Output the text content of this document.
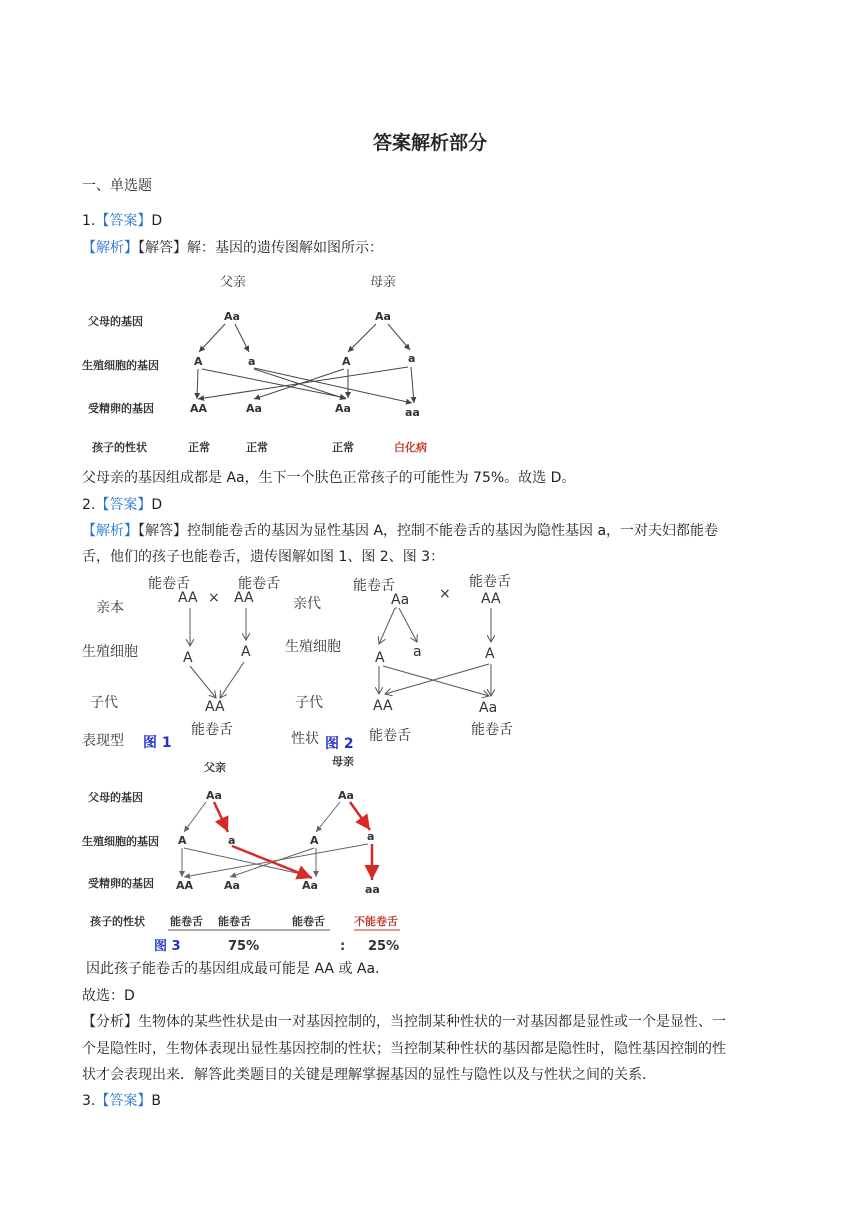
答案解析部分
一、单选题
1.【答案】D
【解析】【解答】解：基因的遗传图解如图所示：
父亲	母亲
父母的基因
生殖细胞的基因
受精卵的基因
孩子的性状
Aa	Aa
A	a	A	a
AA	Aa	Aa	aa
正常	正常	正常	白化病
父母亲的基因组成都是 Aa，生下一个肤色正常孩子的可能性为 75%。故选 D。
2.【答案】D
【解析】【解答】控制能卷舌的基因为显性基因 A，控制不能卷舌的基因为隐性基因 a，一对夫妇都能卷
舌，他们的孩子也能卷舌，遗传图解如图 1、图 2、图 3：
能卷舌	能卷舌
亲本
AA × AA
生殖细胞	A	A
子代	AA
能卷舌
表现型 图 1
能卷舌	能卷舌
Aa × AA
亲代
生殖细胞
A a	A
子代	AA	Aa
能卷舌	能卷舌
性状 图 2
父亲	母亲
父母的基因
生殖细胞的基因
受精卵的基因
孩子的性状
Aa	Aa
A	a	A	a
AA	Aa	Aa	aa
能卷舌 能卷舌	能卷舌	不能卷舌
图 3	75%	: 25%
因此孩子能卷舌的基因组成最可能是 AA 或 Aa.
故选：D
【分析】生物体的某些性状是由一对基因控制的，当控制某种性状的一对基因都是显性或一个是显性、一
个是隐性时，生物体表现出显性基因控制的性状；当控制某种性状的基因都是隐性时，隐性基因控制的性
状才会表现出来．解答此类题目的关键是理解掌握基因的显性与隐性以及与性状之间的关系．
3.【答案】B
